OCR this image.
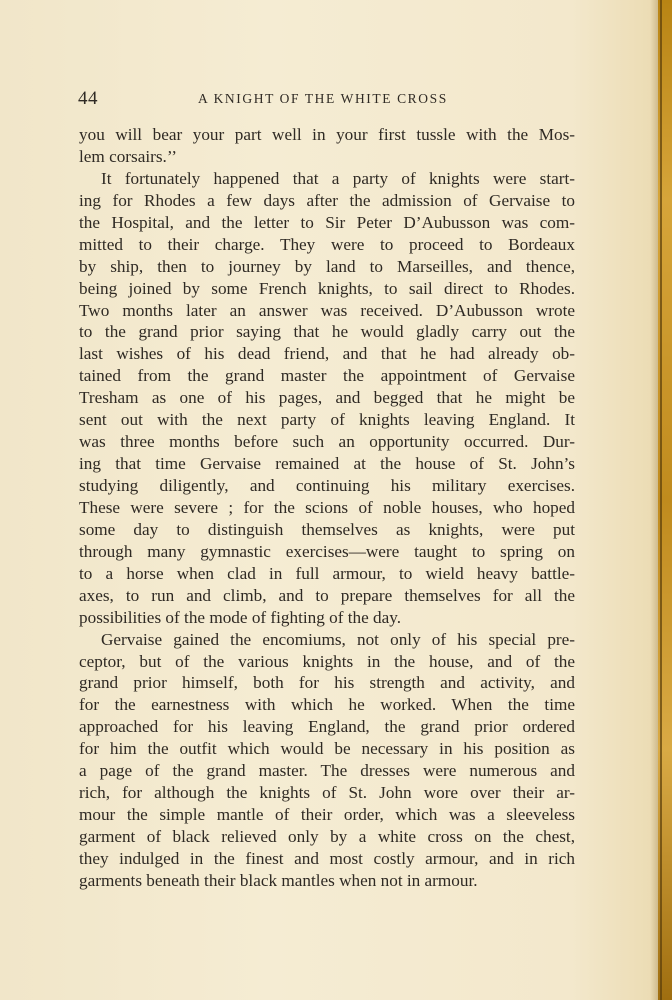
44	A KNIGHT OF THE WHITE CROSS
you will bear your part well in your first tussle with the Mos-
lem corsairs.’’
It fortunately happened that a party of knights were start-
ing for Rhodes a few days after the admission of Gervaise to
the Hospital, and the letter to Sir Peter D’Aubusson was com-
mitted to their charge. They were to proceed to Bordeaux
by ship, then to journey by land to Marseilles, and thence,
being joined by some French knights, to sail direct to Rhodes.
Two months later an answer was received. D’Aubusson wrote
to the grand prior saying that he would gladly carry out the
last wishes of his dead friend, and that he had already ob-
tained from the grand master the appointment of Gervaise
Tresham as one of his pages, and begged that he might be
sent out with the next party of knights leaving England. It
was three months before such an opportunity occurred. Dur-
ing that time Gervaise remained at the house of St. John’s
studying diligently, and continuing his military exercises.
These were severe ; for the scions of noble houses, who hoped
some day to distinguish themselves as knights, were put
through many gymnastic exercises—were taught to spring on
to a horse when clad in full armour, to wield heavy battle-
axes, to run and climb, and to prepare themselves for all the
possibilities of the mode of fighting of the day.
Gervaise gained the encomiums, not only of his special pre-
ceptor, but of the various knights in the house, and of the
grand prior himself, both for his strength and activity, and
for the earnestness with which he worked. When the time
approached for his leaving England, the grand prior ordered
for him the outfit which would be necessary in his position as
a page of the grand master. The dresses were numerous and
rich, for although the knights of St. John wore over their ar-
mour the simple mantle of their order, which was a sleeveless
garment of black relieved only by a white cross on the chest,
they indulged in the finest and most costly armour, and in rich
garments beneath their black mantles when not in armour.
